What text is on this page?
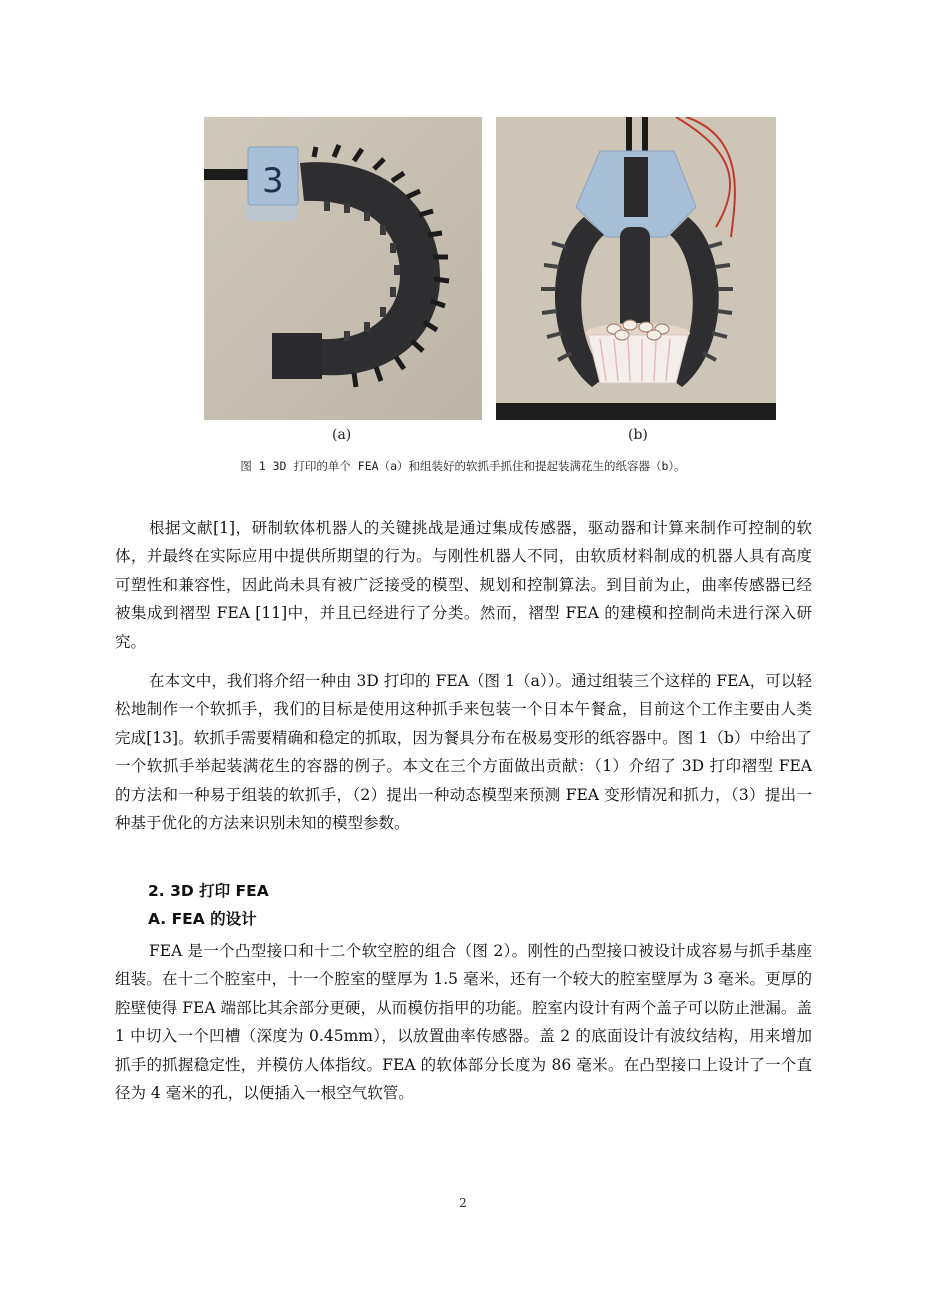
3
(a)	(b)
图 1 3D 打印的单个 FEA（a）和组装好的软抓手抓住和提起装满花生的纸容器（b）。

根据文献[1]，研制软体机器人的关键挑战是通过集成传感器，驱动器和计算来制作可控制的软体，并最终在实际应用中提供所期望的行为。与刚性机器人不同，由软质材料制成的机器人具有高度可塑性和兼容性，因此尚未具有被广泛接受的模型、规划和控制算法。到目前为止，曲率传感器已经被集成到褶型 FEA [11]中，并且已经进行了分类。然而，褶型 FEA 的建模和控制尚未进行深入研究。

在本文中，我们将介绍一种由 3D 打印的 FEA（图 1（a））。通过组装三个这样的 FEA，可以轻松地制作一个软抓手，我们的目标是使用这种抓手来包装一个日本午餐盒，目前这个工作主要由人类完成[13]。软抓手需要精确和稳定的抓取，因为餐具分布在极易变形的纸容器中。图 1（b）中给出了一个软抓手举起装满花生的容器的例子。本文在三个方面做出贡献：（1）介绍了 3D 打印褶型 FEA 的方法和一种易于组装的软抓手，（2）提出一种动态模型来预测 FEA 变形情况和抓力，（3）提出一种基于优化的方法来识别未知的模型参数。

2. 3D 打印 FEA
A. FEA 的设计

FEA 是一个凸型接口和十二个软空腔的组合（图 2）。刚性的凸型接口被设计成容易与抓手基座组装。在十二个腔室中，十一个腔室的壁厚为 1.5 毫米，还有一个较大的腔室壁厚为 3 毫米。更厚的腔壁使得 FEA 端部比其余部分更硬，从而模仿指甲的功能。腔室内设计有两个盖子可以防止泄漏。盖 1 中切入一个凹槽（深度为 0.45mm），以放置曲率传感器。盖 2 的底面设计有波纹结构，用来增加抓手的抓握稳定性，并模仿人体指纹。FEA 的软体部分长度为 86 毫米。在凸型接口上设计了一个直径为 4 毫米的孔，以便插入一根空气软管。

2
